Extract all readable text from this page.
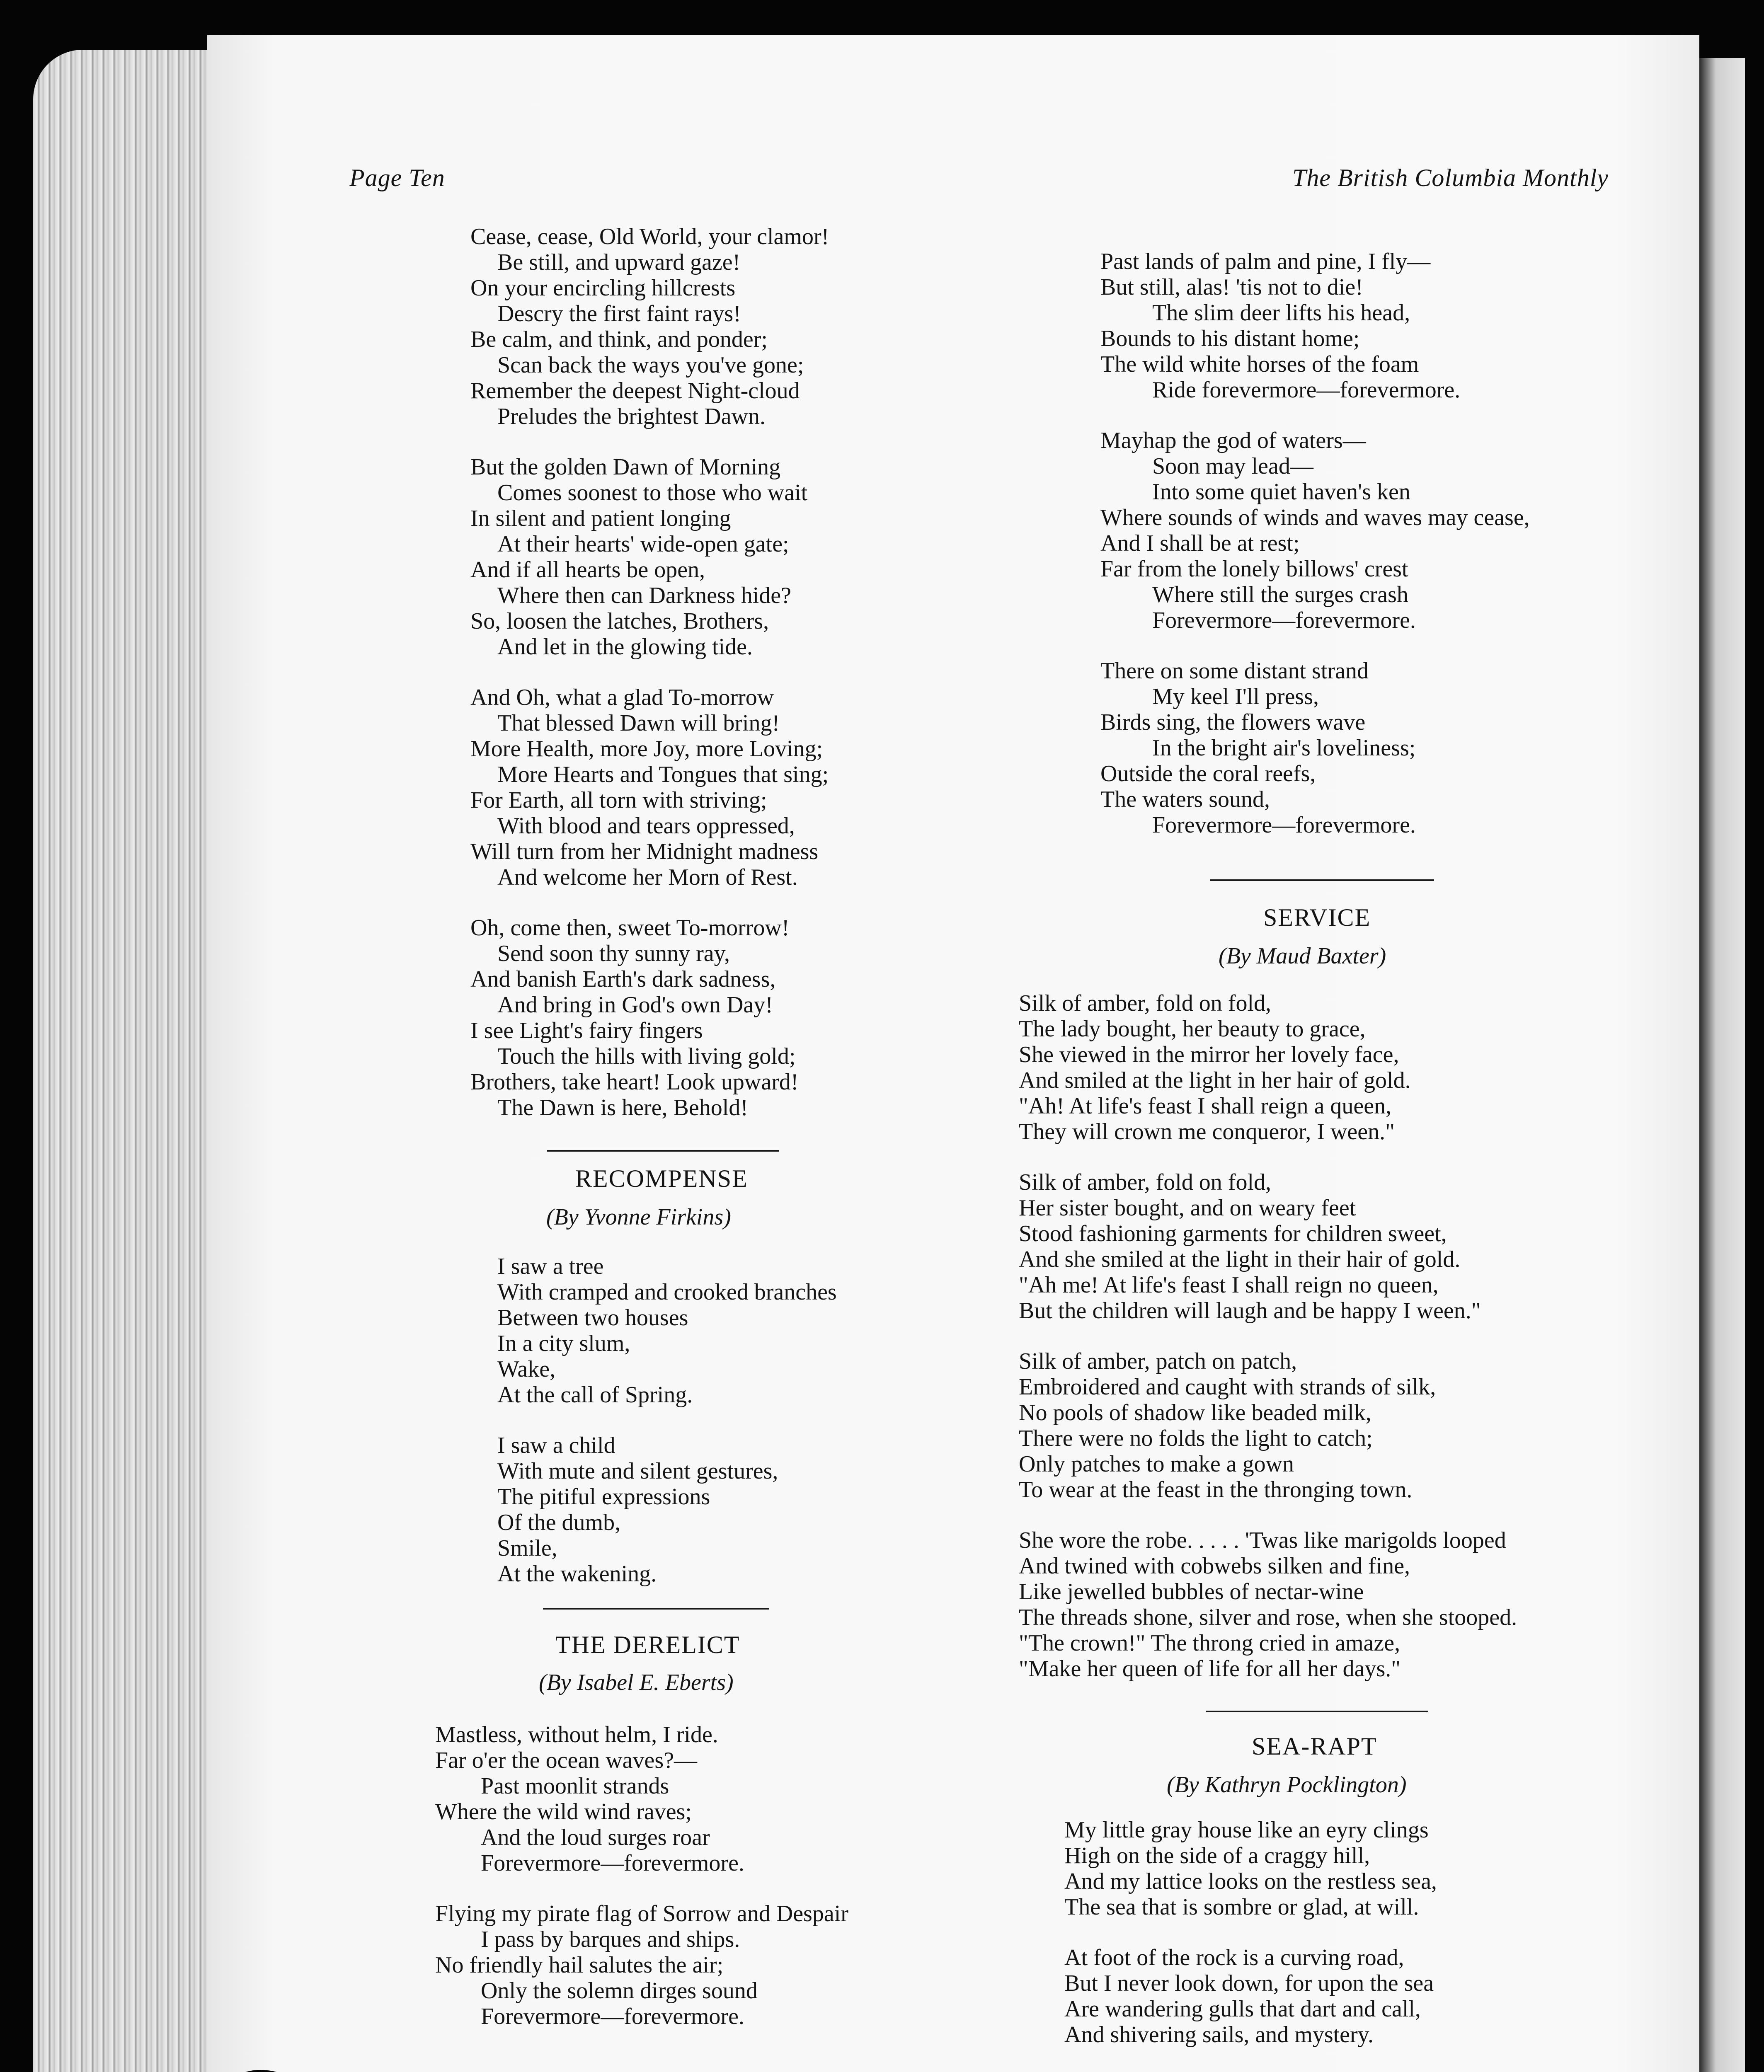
Page Ten	The British Columbia Monthly
Cease, cease, Old World, your clamor!
Be still, and upward gaze!
On your encircling hillcrests
Descry the first faint rays!
Be calm, and think, and ponder;
Scan back the ways you've gone;
Remember the deepest Night-cloud
Preludes the brightest Dawn.
But the golden Dawn of Morning
Comes soonest to those who wait
In silent and patient longing
At their hearts' wide-open gate;
And if all hearts be open,
Where then can Darkness hide?
So, loosen the latches, Brothers,
And let in the glowing tide.
And Oh, what a glad To-morrow
That blessed Dawn will bring!
More Health, more Joy, more Loving;
More Hearts and Tongues that sing;
For Earth, all torn with striving;
With blood and tears oppressed,
Will turn from her Midnight madness
And welcome her Morn of Rest.
Oh, come then, sweet To-morrow!
Send soon thy sunny ray,
And banish Earth's dark sadness,
And bring in God's own Day!
I see Light's fairy fingers
Touch the hills with living gold;
Brothers, take heart! Look upward!
The Dawn is here, Behold!
RECOMPENSE
(By Yvonne Firkins)
I saw a tree
With cramped and crooked branches
Between two houses
In a city slum,
Wake,
At the call of Spring.
I saw a child
With mute and silent gestures,
The pitiful expressions
Of the dumb,
Smile,
At the wakening.
THE DERELICT
(By Isabel E. Eberts)
Mastless, without helm, I ride.
Far o'er the ocean waves?—
Past moonlit strands
Where the wild wind raves;
And the loud surges roar
Forevermore—forevermore.
Flying my pirate flag of Sorrow and Despair
I pass by barques and ships.
No friendly hail salutes the air;
Only the solemn dirges sound
Forevermore—forevermore.
Past lands of palm and pine, I fly—
But still, alas! 'tis not to die!
The slim deer lifts his head,
Bounds to his distant home;
The wild white horses of the foam
Ride forevermore—forevermore.
Mayhap the god of waters—
Soon may lead—
Into some quiet haven's ken
Where sounds of winds and waves may cease,
And I shall be at rest;
Far from the lonely billows' crest
Where still the surges crash
Forevermore—forevermore.
There on some distant strand
My keel I'll press,
Birds sing, the flowers wave
In the bright air's loveliness;
Outside the coral reefs,
The waters sound,
Forevermore—forevermore.
SERVICE
(By Maud Baxter)
Silk of amber, fold on fold,
The lady bought, her beauty to grace,
She viewed in the mirror her lovely face,
And smiled at the light in her hair of gold.
"Ah! At life's feast I shall reign a queen,
They will crown me conqueror, I ween."
Silk of amber, fold on fold,
Her sister bought, and on weary feet
Stood fashioning garments for children sweet,
And she smiled at the light in their hair of gold.
"Ah me! At life's feast I shall reign no queen,
But the children will laugh and be happy I ween."
Silk of amber, patch on patch,
Embroidered and caught with strands of silk,
No pools of shadow like beaded milk,
There were no folds the light to catch;
Only patches to make a gown
To wear at the feast in the thronging town.
She wore the robe. . . . . 'Twas like marigolds looped
And twined with cobwebs silken and fine,
Like jewelled bubbles of nectar-wine
The threads shone, silver and rose, when she stooped.
"The crown!" The throng cried in amaze,
"Make her queen of life for all her days."
SEA-RAPT
(By Kathryn Pocklington)
My little gray house like an eyry clings
High on the side of a craggy hill,
And my lattice looks on the restless sea,
The sea that is sombre or glad, at will.
At foot of the rock is a curving road,
But I never look down, for upon the sea
Are wandering gulls that dart and call,
And shivering sails, and mystery.
